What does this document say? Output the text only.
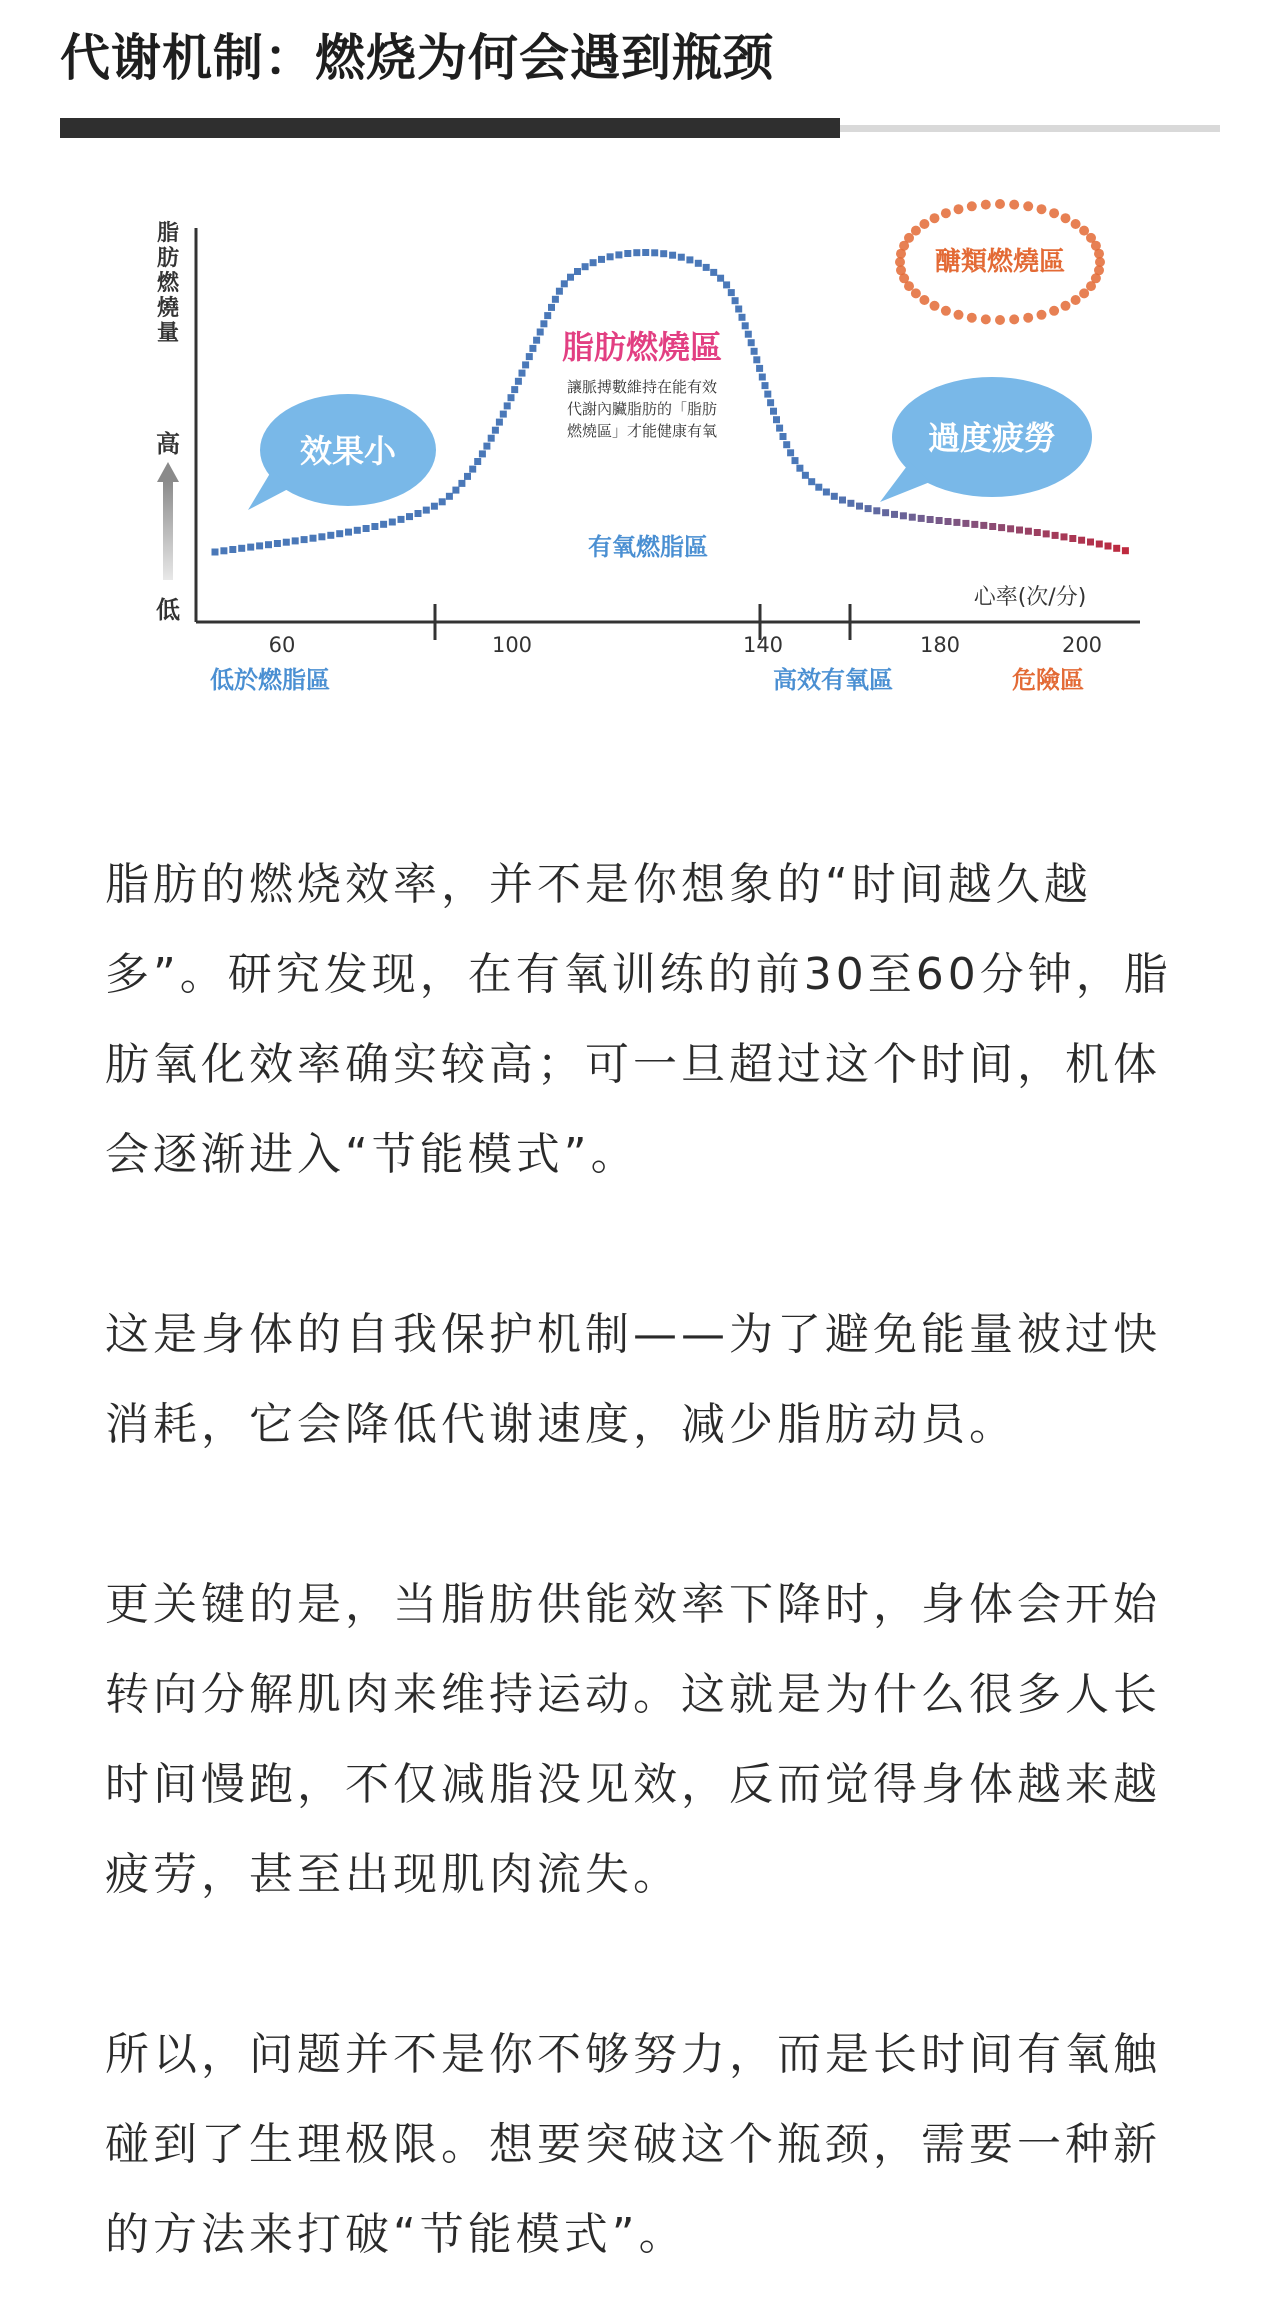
代谢机制：燃烧为何会遇到瓶颈
脂
肪
燃
燒
量
高
低
60	100	140	180	200
心率(次/分)
低於燃脂區
有氧燃脂區
高效有氧區	危險區
效果小	過度疲勞
醣類燃燒區
脂肪燃燒區
讓脈搏數維持在能有效
代謝內臟脂肪的「脂肪
燃燒區」才能健康有氧

脂肪的燃烧效率，并不是你想象的“时间越久越多”。研究发现，在有氧训练的前30至60分钟，脂肪氧化效率确实较高；可一旦超过这个时间，机体会逐渐进入“节能模式”。

这是身体的自我保护机制——为了避免能量被过快消耗，它会降低代谢速度，减少脂肪动员。

更关键的是，当脂肪供能效率下降时，身体会开始转向分解肌肉来维持运动。这就是为什么很多人长时间慢跑，不仅减脂没见效，反而觉得身体越来越疲劳，甚至出现肌肉流失。

所以，问题并不是你不够努力，而是长时间有氧触碰到了生理极限。想要突破这个瓶颈，需要一种新的方法来打破“节能模式”。
